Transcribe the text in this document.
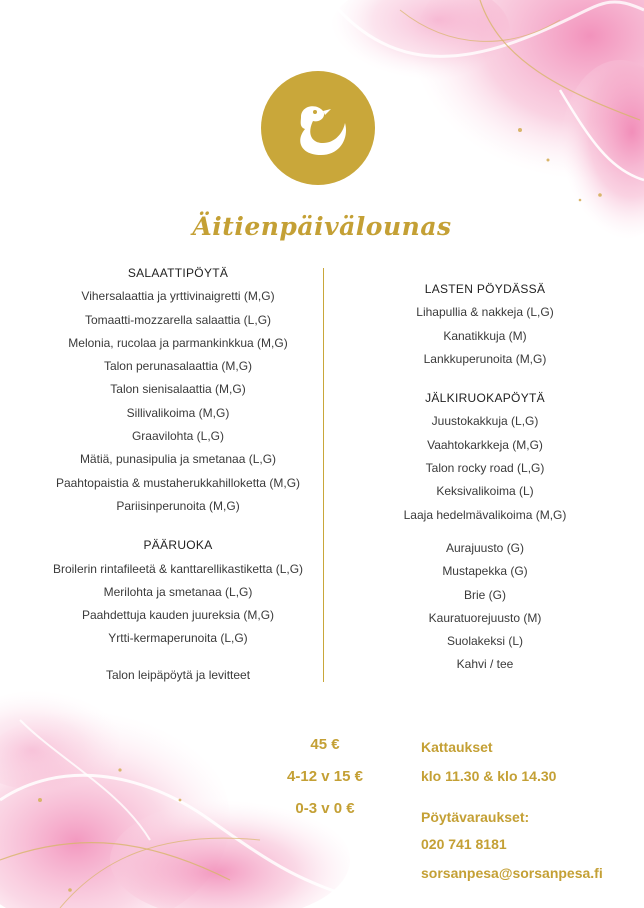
Äitienpäivälounas
SALAATTIPÖYTÄ
Vihersalaattia ja yrttivinaigretti (M,G)
Tomaatti-mozzarella salaattia (L,G)
Melonia, rucolaa ja parmankinkkua (M,G)
Talon perunasalaattia (M,G)
Talon sienisalaattia (M,G)
Sillivalikoima (M,G)
Graavilohta (L,G)
Mätiä, punasipulia ja smetanaa (L,G)
Paahtopaistia & mustaherukkahilloketta (M,G)
Pariisinperunoita (M,G)
PÄÄRUOKA
Broilerin rintafileetä & kanttarellikastiketta (L,G)
Merilohta ja smetanaa (L,G)
Paahdettuja kauden juureksia (M,G)
Yrtti-kermaperunoita (L,G)
Talon leipäpöytä ja levitteet
LASTEN PÖYDÄSSÄ
Lihapullia & nakkeja (L,G)
Kanatikkuja (M)
Lankkuperunoita (M,G)
JÄLKIRUOKAPÖYTÄ
Juustokakkuja (L,G)
Vaahtokarkkeja (M,G)
Talon rocky road (L,G)
Keksivalikoima (L)
Laaja hedelmävalikoima (M,G)
Aurajuusto (G)
Mustapekka (G)
Brie (G)
Kauratuorejuusto (M)
Suolakeksi (L)
Kahvi / tee
45 €
4-12 v 15 €
0-3 v 0 €
Kattaukset
klo 11.30 & klo 14.30
Pöytävaraukset:
020 741 8181
sorsanpesa@sorsanpesa.fi
